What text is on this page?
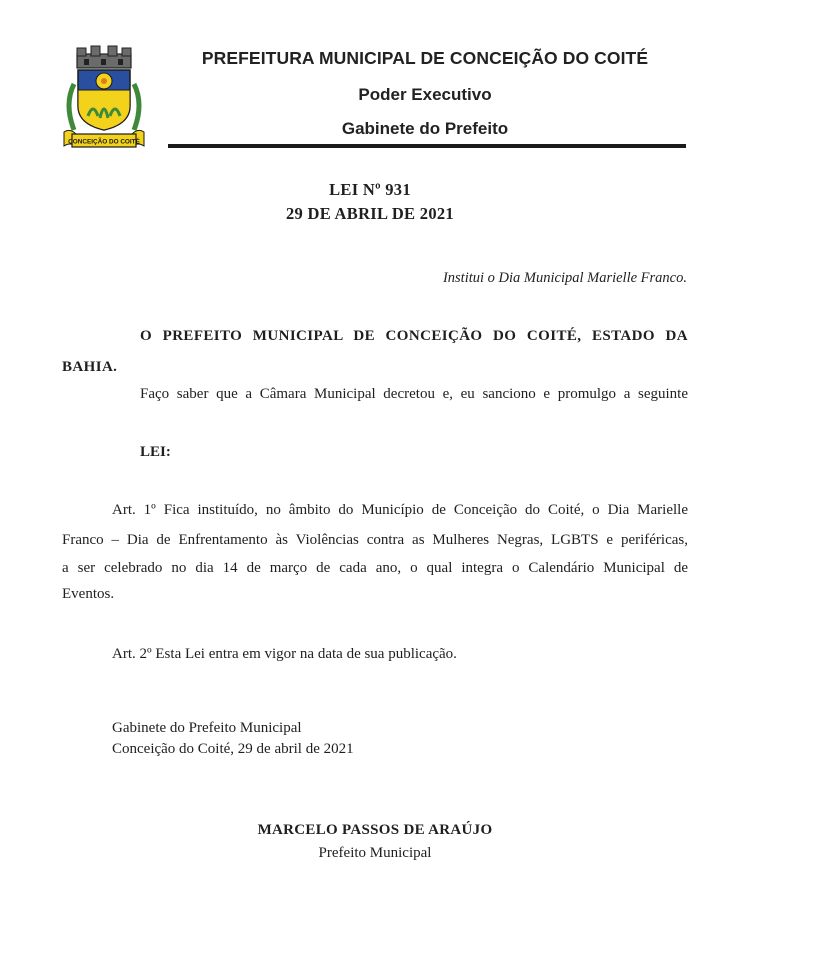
CONCEIÇÃO DO COITÉ
PREFEITURA MUNICIPAL DE CONCEIÇÃO DO COITÉ
Poder Executivo
Gabinete do Prefeito
LEI Nº 931
29 DE ABRIL DE 2021
Institui o Dia Municipal Marielle Franco.
O PREFEITO MUNICIPAL DE CONCEIÇÃO DO COITÉ, ESTADO DA
BAHIA.
Faço saber que a Câmara Municipal decretou e, eu sanciono e promulgo a seguinte
LEI:
Art. 1º Fica instituído, no âmbito do Município de Conceição do Coité, o Dia Marielle
Franco – Dia de Enfrentamento às Violências contra as Mulheres Negras, LGBTS e periféricas,
a ser celebrado no dia 14 de março de cada ano, o qual integra o Calendário Municipal de
Eventos.
Art. 2º Esta Lei entra em vigor na data de sua publicação.
Gabinete do Prefeito Municipal
Conceição do Coité, 29 de abril de 2021
MARCELO PASSOS DE ARAÚJO
Prefeito Municipal
